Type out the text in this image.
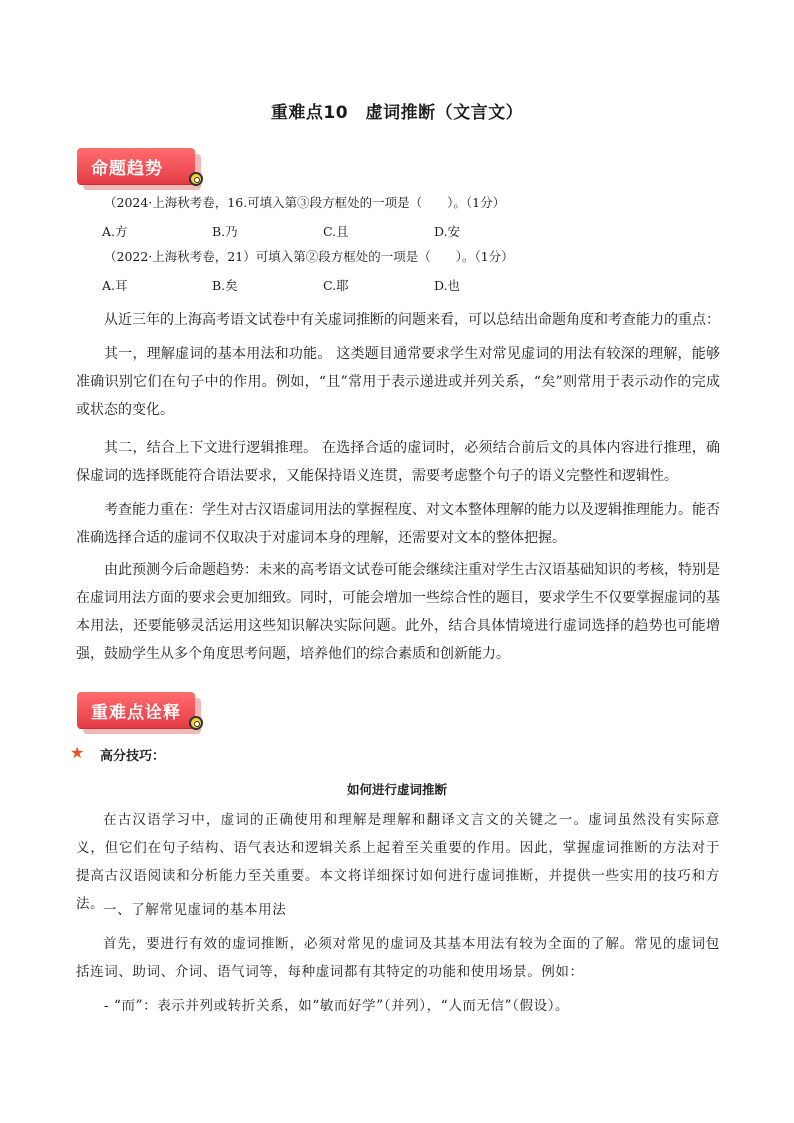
重难点10　虚词推断（文言文）
命题趋势
（2024·上海秋考卷，16.可填入第③段方框处的一项是（　　）。（1分）
A.方	B.乃	C.且	D.安
（2022·上海秋考卷，21）可填入第②段方框处的一项是（　　）。（1分）
A.耳	B.矣	C.耶	D.也
从近三年的上海高考语文试卷中有关虚词推断的问题来看，可以总结出命题角度和考查能力的重点：
其一，理解虚词的基本用法和功能。 这类题目通常要求学生对常见虚词的用法有较深的理解，能够准确识别它们在句子中的作用。例如，“且”常用于表示递进或并列关系，“矣”则常用于表示动作的完成或状态的变化。
其二，结合上下文进行逻辑推理。 在选择合适的虚词时，必须结合前后文的具体内容进行推理，确保虚词的选择既能符合语法要求，又能保持语义连贯，需要考虑整个句子的语义完整性和逻辑性。
考查能力重在：学生对古汉语虚词用法的掌握程度、对文本整体理解的能力以及逻辑推理能力。能否准确选择合适的虚词不仅取决于对虚词本身的理解，还需要对文本的整体把握。
由此预测今后命题趋势：未来的高考语文试卷可能会继续注重对学生古汉语基础知识的考核，特别是在虚词用法方面的要求会更加细致。同时，可能会增加一些综合性的题目，要求学生不仅要掌握虚词的基本用法，还要能够灵活运用这些知识解决实际问题。此外，结合具体情境进行虚词选择的趋势也可能增强，鼓励学生从多个角度思考问题，培养他们的综合素质和创新能力。
重难点诠释
★ 高分技巧：
如何进行虚词推断
在古汉语学习中，虚词的正确使用和理解是理解和翻译文言文的关键之一。虚词虽然没有实际意义，但它们在句子结构、语气表达和逻辑关系上起着至关重要的作用。因此，掌握虚词推断的方法对于提高古汉语阅读和分析能力至关重要。本文将详细探讨如何进行虚词推断，并提供一些实用的技巧和方法。
一、了解常见虚词的基本用法
首先，要进行有效的虚词推断，必须对常见的虚词及其基本用法有较为全面的了解。常见的虚词包括连词、助词、介词、语气词等，每种虚词都有其特定的功能和使用场景。例如：
- “而”：表示并列或转折关系，如“敏而好学”（并列），“人而无信”（假设）。
